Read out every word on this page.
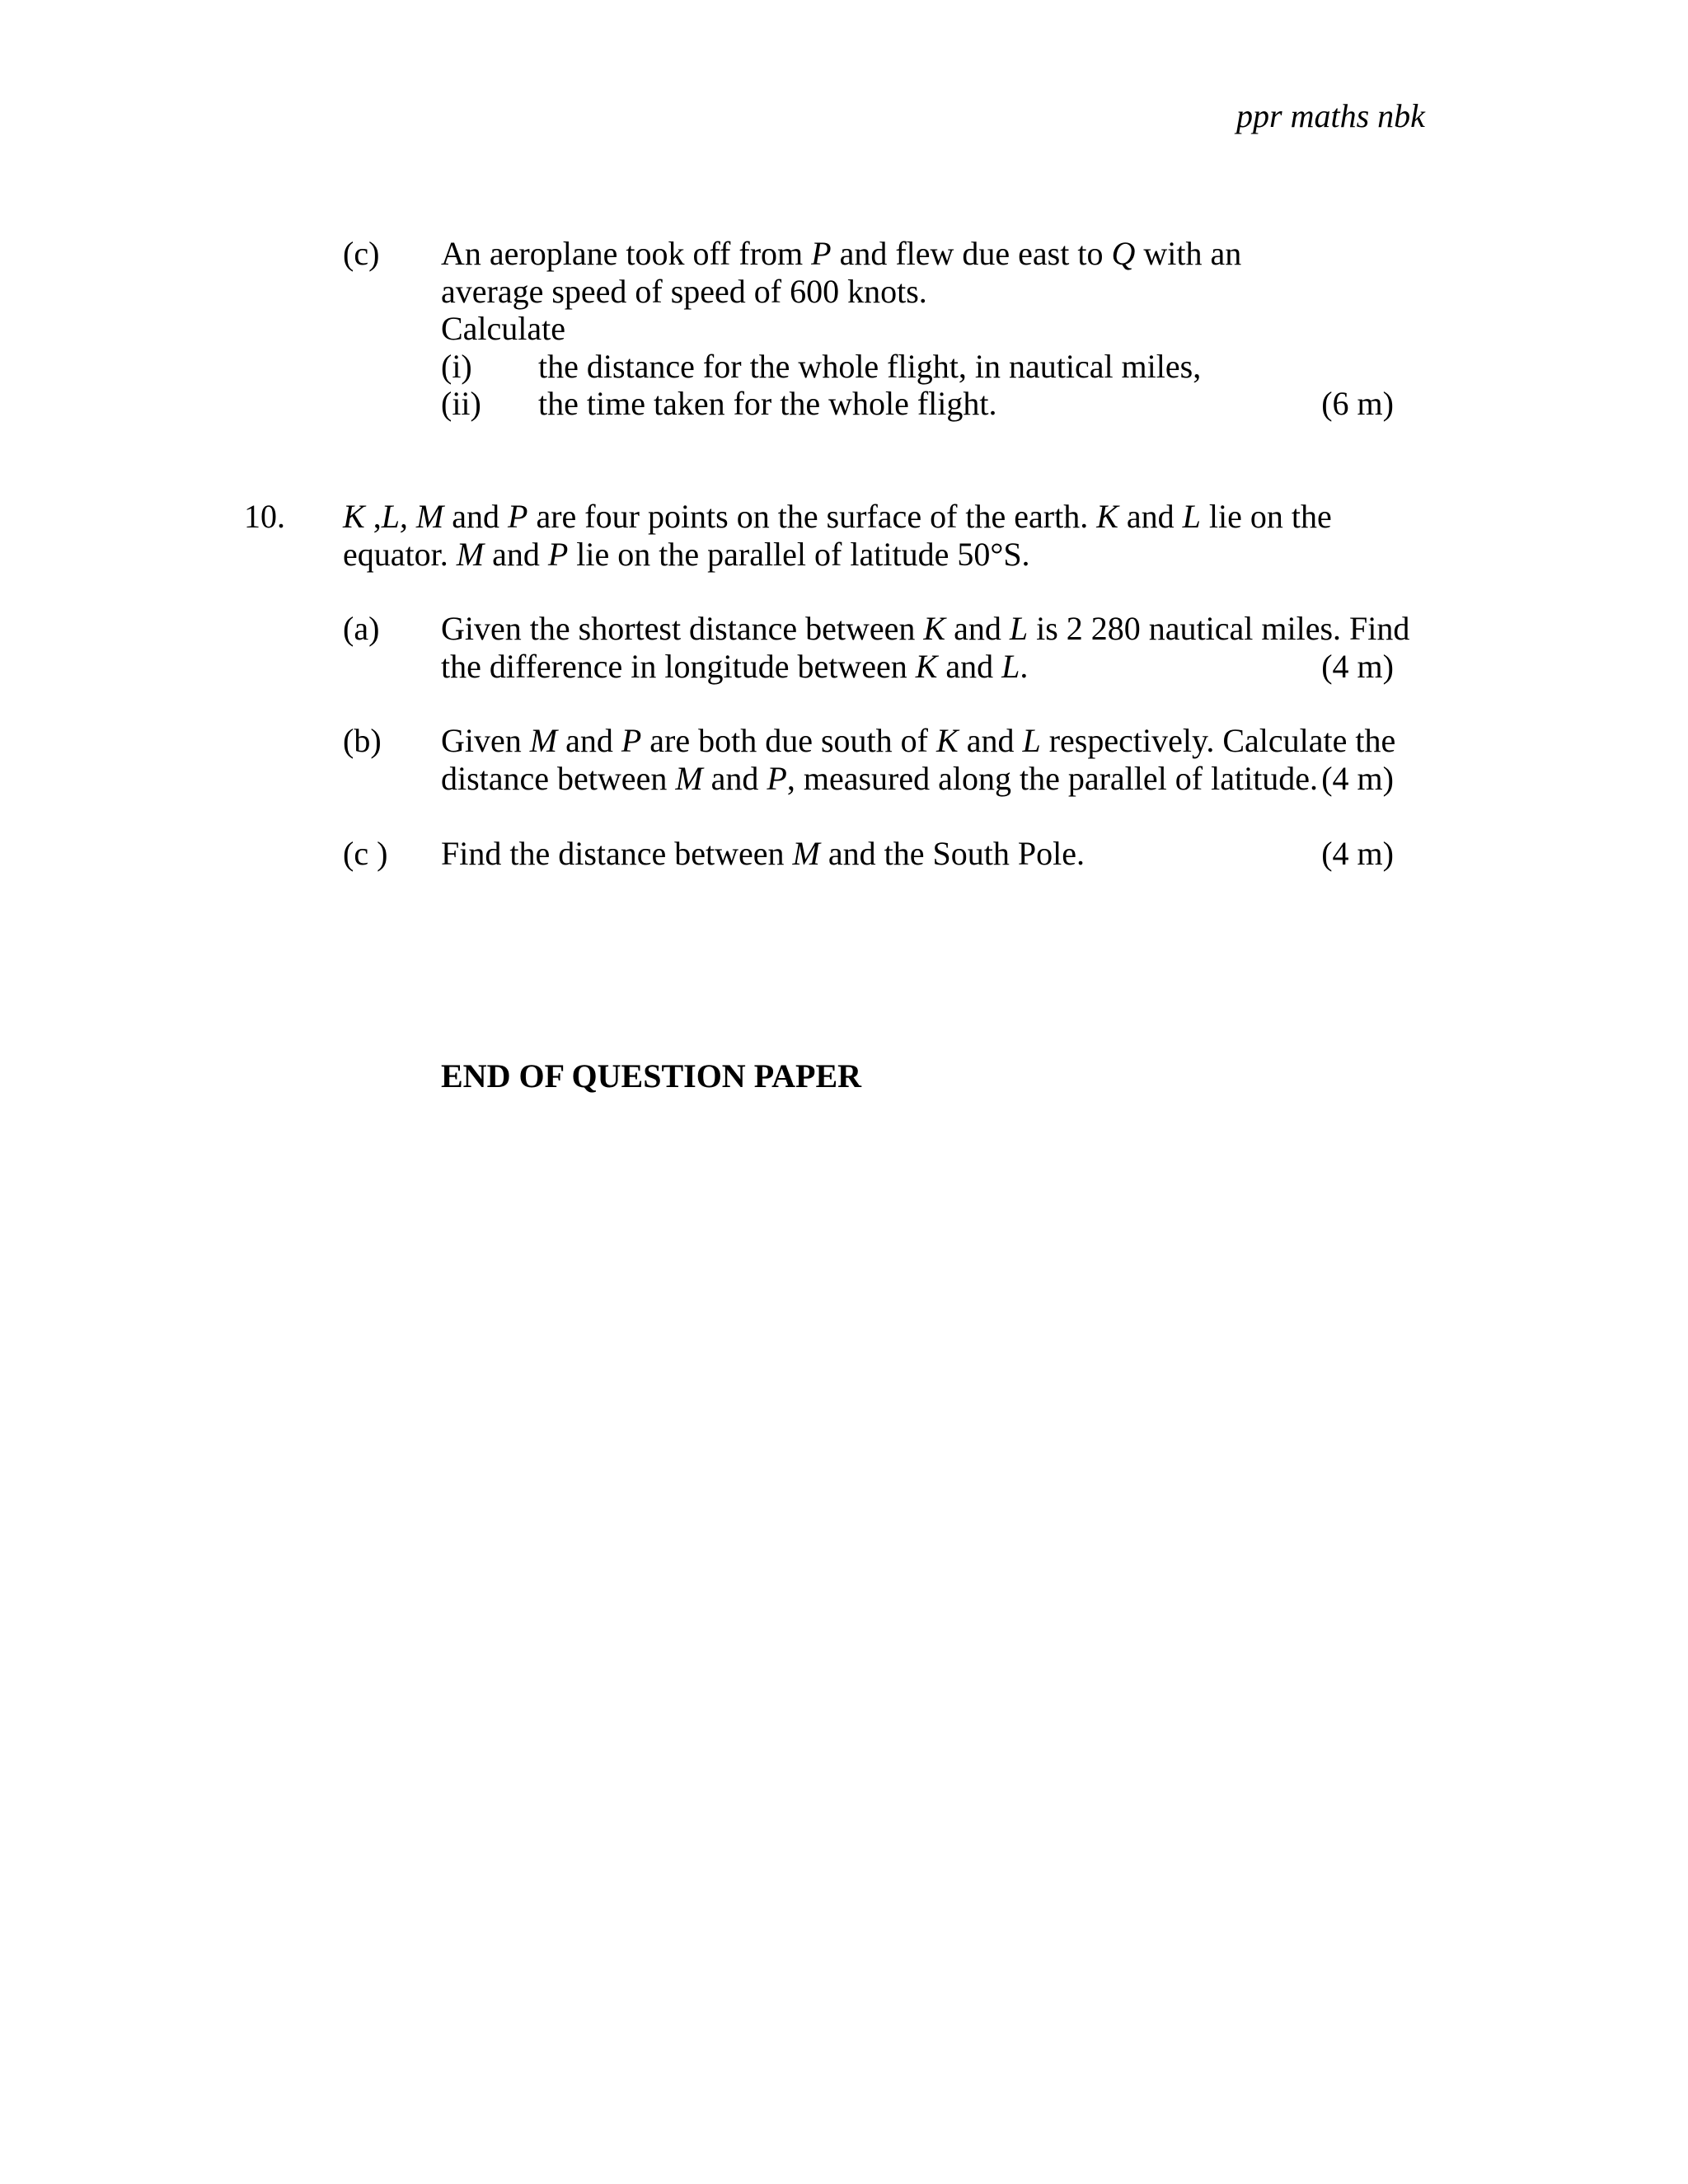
ppr maths nbk
(c) An aeroplane took off from P and flew due east to Q with an
average speed of speed of 600 knots.
Calculate
(i) the distance for the whole flight, in nautical miles,
(ii) the time taken for the whole flight.	(6 m)
10. K ,L, M and P are four points on the surface of the earth. K and L lie on the
equator. M and P lie on the parallel of latitude 50°S.
(a) Given the shortest distance between K and L is 2 280 nautical miles. Find
the difference in longitude between K and L.	(4 m)
(b) Given M and P are both due south of K and L respectively. Calculate the
distance between M and P, measured along the parallel of latitude. (4 m)
(c ) Find the distance between M and the South Pole.	(4 m)
END OF QUESTION PAPER
